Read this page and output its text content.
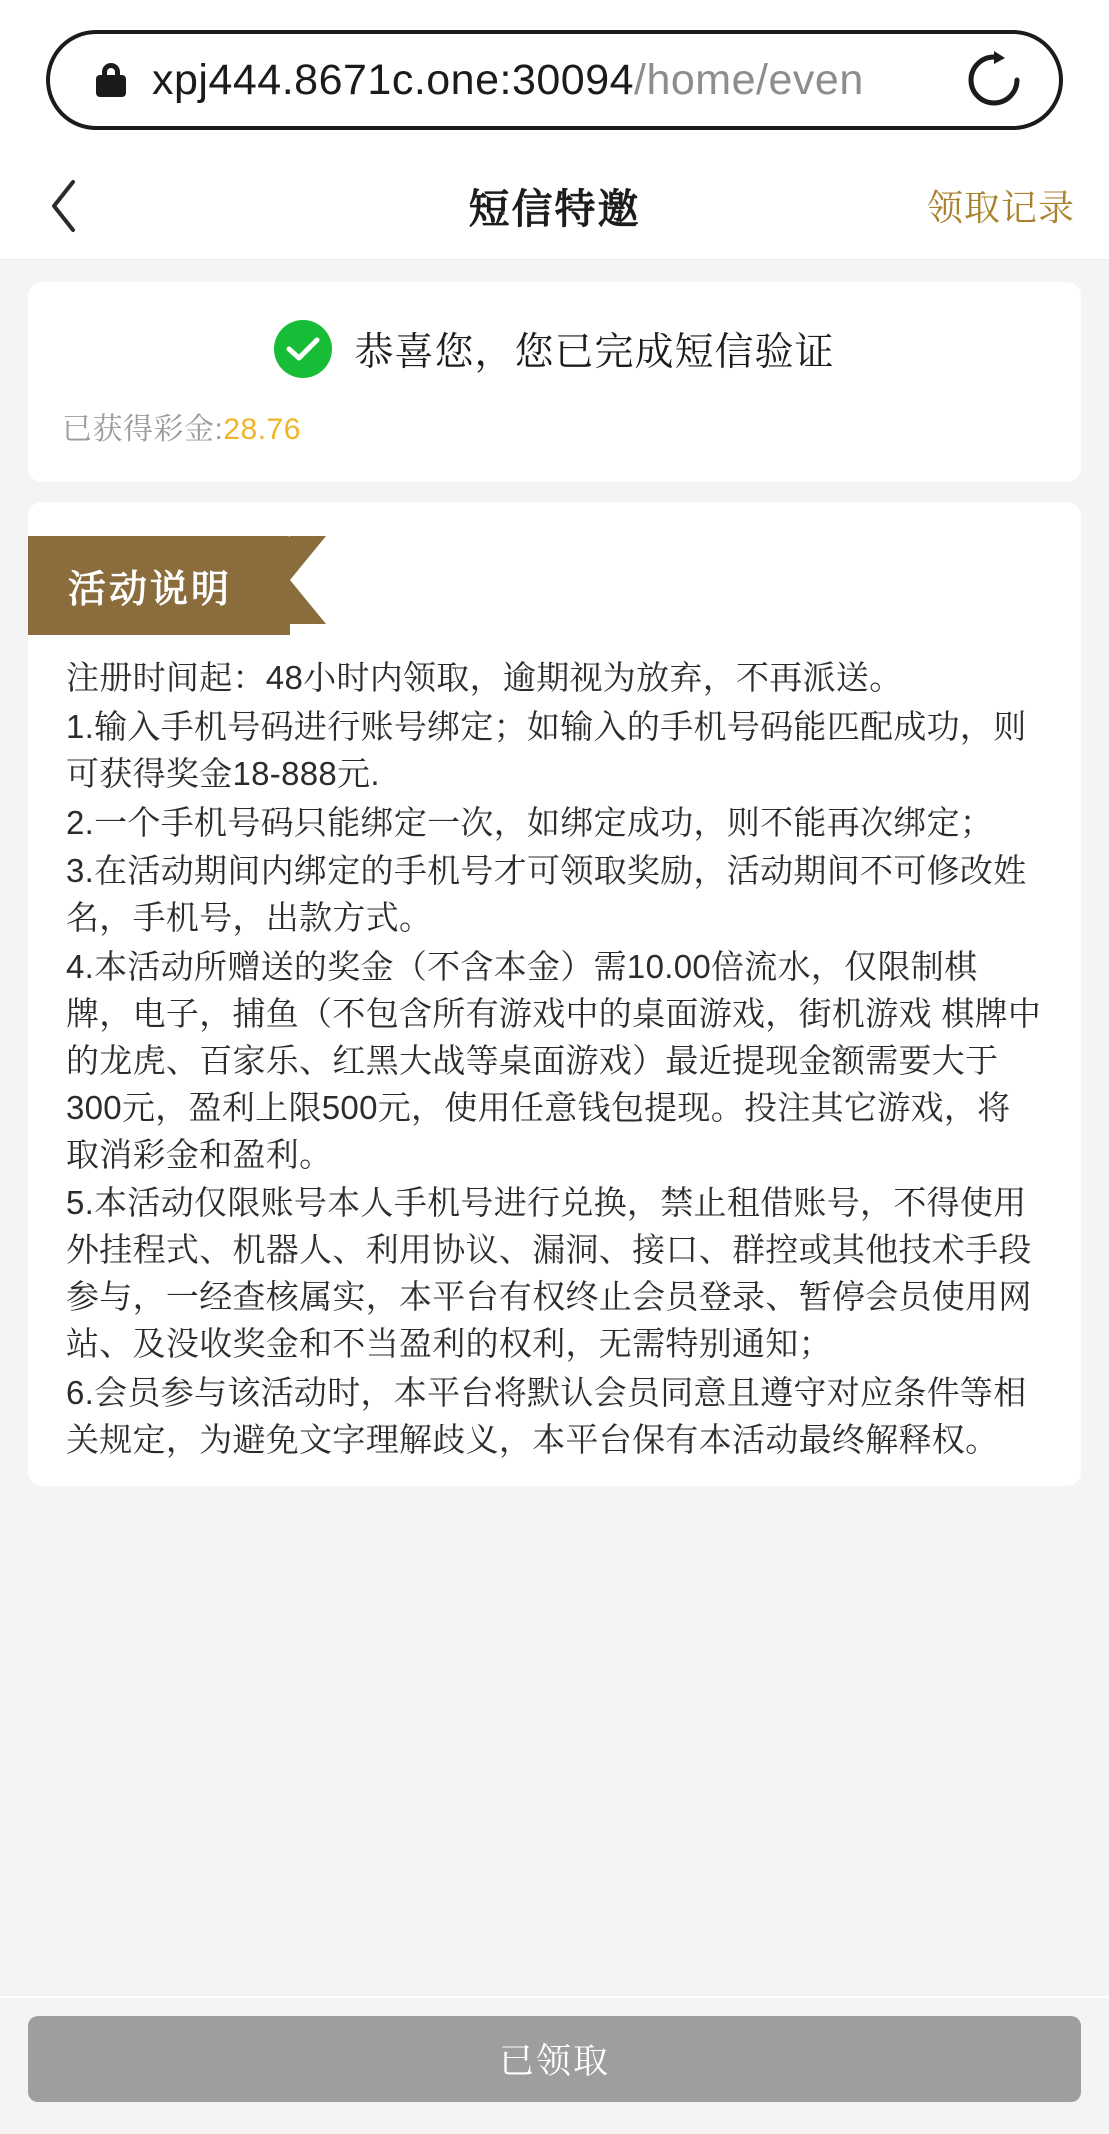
xpj444.8671c.one:30094/home/even
短信特邀	领取记录
恭喜您，您已完成短信验证
已获得彩金:28.76
活动说明

注册时间起：48小时内领取，逾期视为放弃，不再派送。

1.输入手机号码进行账号绑定；如输入的手机号码能匹配成功，则可获得奖金18-888元.

2.一个手机号码只能绑定一次，如绑定成功，则不能再次绑定；

3.在活动期间内绑定的手机号才可领取奖励，活动期间不可修改姓名，手机号，出款方式。

4.本活动所赠送的奖金（不含本金）需10.00倍流水，仅限制棋牌，电子，捕鱼（不包含所有游戏中的桌面游戏，街机游戏 棋牌中的龙虎、百家乐、红黑大战等桌面游戏）最近提现金额需要大于300元，盈利上限500元，使用任意钱包提现。投注其它游戏，将取消彩金和盈利。

5.本活动仅限账号本人手机号进行兑换，禁止租借账号，不得使用外挂程式、机器人、利用协议、漏洞、接口、群控或其他技术手段参与，一经查核属实，本平台有权终止会员登录、暂停会员使用网站、及没收奖金和不当盈利的权利，无需特别通知；

6.会员参与该活动时，本平台将默认会员同意且遵守对应条件等相关规定，为避免文字理解歧义，本平台保有本活动最终解释权。

已领取
